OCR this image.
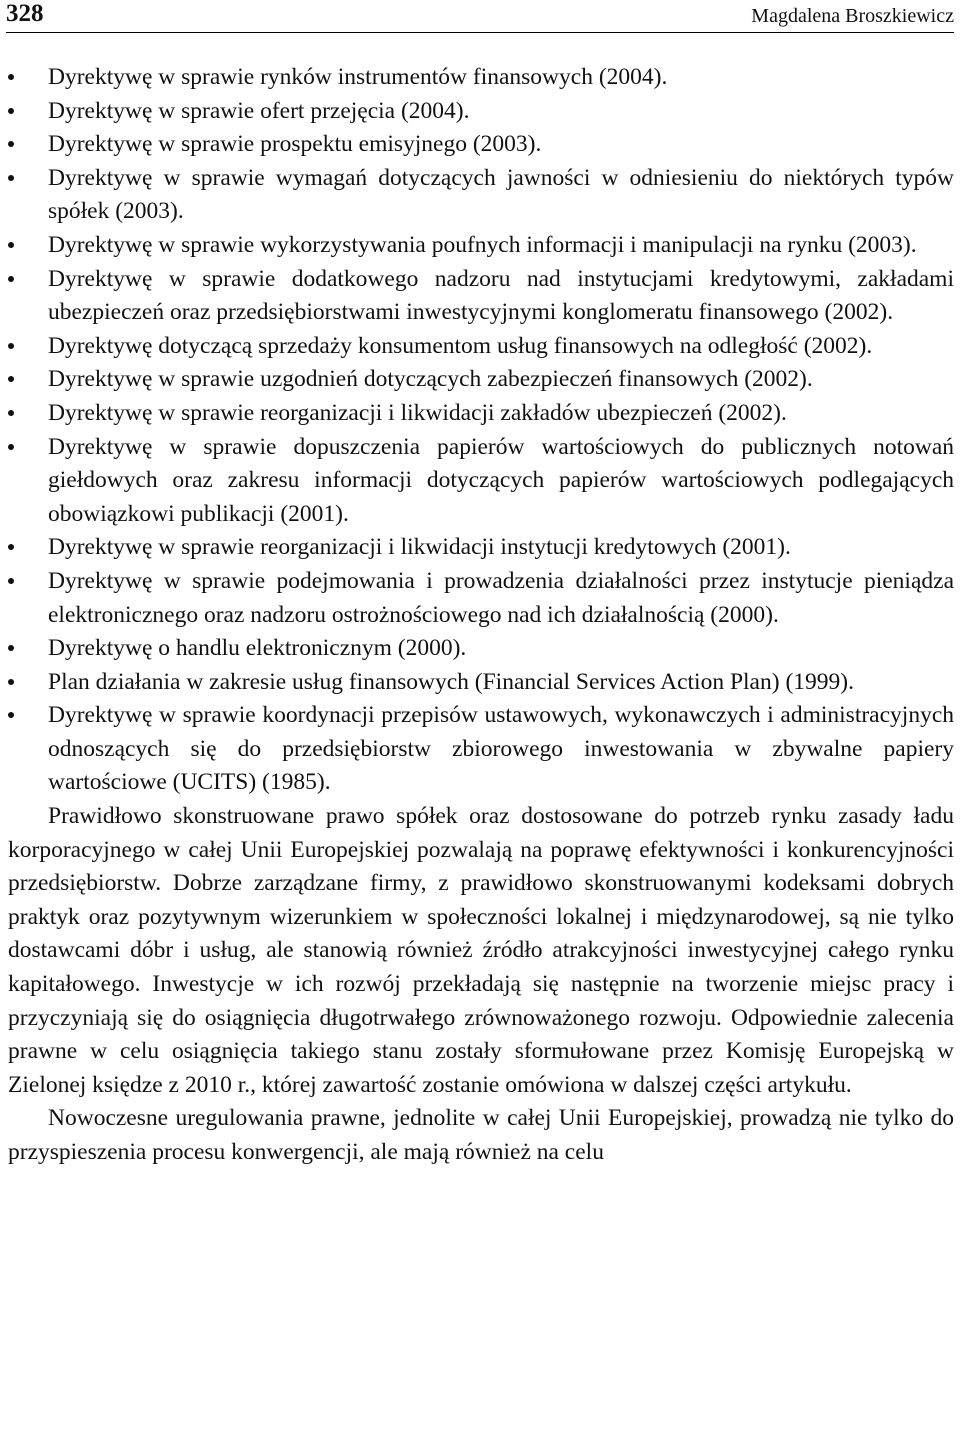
328	Magdalena Broszkiewicz
Dyrektywę w sprawie rynków instrumentów finansowych (2004).
Dyrektywę w sprawie ofert przejęcia (2004).
Dyrektywę w sprawie prospektu emisyjnego (2003).
Dyrektywę w sprawie wymagań dotyczących jawności w odniesieniu do niektórych typów spółek (2003).
Dyrektywę w sprawie wykorzystywania poufnych informacji i manipulacji na rynku (2003).
Dyrektywę w sprawie dodatkowego nadzoru nad instytucjami kredytowymi, zakładami ubezpieczeń oraz przedsiębiorstwami inwestycyjnymi konglomeratu finansowego (2002).
Dyrektywę dotyczącą sprzedaży konsumentom usług finansowych na odległość (2002).
Dyrektywę w sprawie uzgodnień dotyczących zabezpieczeń finansowych (2002).
Dyrektywę w sprawie reorganizacji i likwidacji zakładów ubezpieczeń (2002).
Dyrektywę w sprawie dopuszczenia papierów wartościowych do publicznych notowań giełdowych oraz zakresu informacji dotyczących papierów wartościowych podlegających obowiązkowi publikacji (2001).
Dyrektywę w sprawie reorganizacji i likwidacji instytucji kredytowych (2001).
Dyrektywę w sprawie podejmowania i prowadzenia działalności przez instytucje pieniądza elektronicznego oraz nadzoru ostrożnościowego nad ich działalnością (2000).
Dyrektywę o handlu elektronicznym (2000).
Plan działania w zakresie usług finansowych (Financial Services Action Plan) (1999).
Dyrektywę w sprawie koordynacji przepisów ustawowych, wykonawczych i administracyjnych odnoszących się do przedsiębiorstw zbiorowego inwestowania w zbywalne papiery wartościowe (UCITS) (1985).

Prawidłowo skonstruowane prawo spółek oraz dostosowane do potrzeb rynku zasady ładu korporacyjnego w całej Unii Europejskiej pozwalają na poprawę efektywności i konkurencyjności przedsiębiorstw. Dobrze zarządzane firmy, z prawidłowo skonstruowanymi kodeksami dobrych praktyk oraz pozytywnym wizerunkiem w społeczności lokalnej i międzynarodowej, są nie tylko dostawcami dóbr i usług, ale stanowią również źródło atrakcyjności inwestycyjnej całego rynku kapitałowego. Inwestycje w ich rozwój przekładają się następnie na tworzenie miejsc pracy i przyczyniają się do osiągnięcia długotrwałego zrównoważonego rozwoju. Odpowiednie zalecenia prawne w celu osiągnięcia takiego stanu zostały sformułowane przez Komisję Europejską w Zielonej księdze z 2010 r., której zawartość zostanie omówiona w dalszej części artykułu.

Nowoczesne uregulowania prawne, jednolite w całej Unii Europejskiej, prowadzą nie tylko do przyspieszenia procesu konwergencji, ale mają również na celu
